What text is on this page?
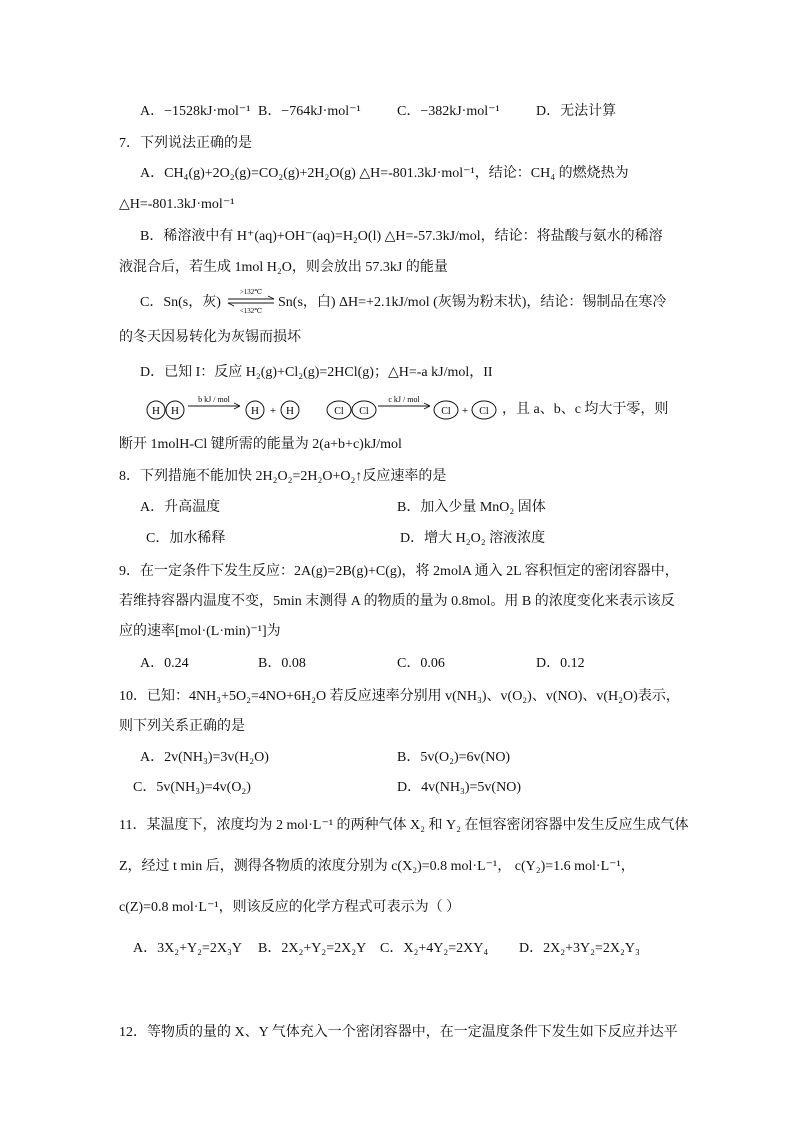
A．−1528kJ·mol⁻¹ B．−764kJ·mol⁻¹	C．−382kJ·mol⁻¹	D．无法计算
7．下列说法正确的是
A．CH₄(g)+2O₂(g)=CO₂(g)+2H₂O(g) △H=-801.3kJ·mol⁻¹，结论：CH₄ 的燃烧热为
△H=-801.3kJ·mol⁻¹
B．稀溶液中有 H⁺(aq)+OH⁻(aq)=H₂O(l) △H=-57.3kJ/mol，结论：将盐酸与氨水的稀溶
液混合后，若生成 1mol H₂O，则会放出 57.3kJ 的能量
C．Sn(s，灰)
>132℃
<132℃
Sn(s，白) ΔH=+2.1kJ/mol (灰锡为粉末状)，结论：锡制品在寒冷
的冬天因易转化为灰锡而损坏
D．已知 I：反应 H₂(g)+Cl₂(g)=2HCl(g)；△H=-a kJ/mol，II
H H
b kJ / mol
H + H	Cl Cl
c kJ / mol
Cl + Cl ，且 a、b、c 均大于零，则
断开 1molH-Cl 键所需的能量为 2(a+b+c)kJ/mol
8．下列措施不能加快 2H₂O₂=2H₂O+O₂↑反应速率的是
A．升高温度	B．加入少量 MnO₂ 固体
C．加水稀释	D．增大 H₂O₂ 溶液浓度
9．在一定条件下发生反应：2A(g)=2B(g)+C(g)，将 2molA 通入 2L 容积恒定的密闭容器中，
若维持容器内温度不变，5min 末测得 A 的物质的量为 0.8mol。用 B 的浓度变化来表示该反
应的速率[mol·(L·min)⁻¹]为
A．0.24	B．0.08	C．0.06	D．0.12
10．已知：4NH₃+5O₂=4NO+6H₂O 若反应速率分别用 v(NH₃)、v(O₂)、v(NO)、v(H₂O)表示，
则下列关系正确的是
A．2v(NH₃)=3v(H₂O)	B．5v(O₂)=6v(NO)
C．5v(NH₃)=4v(O₂)	D．4v(NH₃)=5v(NO)
11．某温度下，浓度均为 2 mol·L⁻¹ 的两种气体 X₂ 和 Y₂ 在恒容密闭容器中发生反应生成气体
Z，经过 t min 后，测得各物质的浓度分别为 c(X₂)=0.8 mol·L⁻¹， c(Y₂)=1.6 mol·L⁻¹，
c(Z)=0.8 mol·L⁻¹，则该反应的化学方程式可表示为（ ）
A．3X₂+Y₂=2X₃Y B．2X₂+Y₂=2X₂Y C．X₂+4Y₂=2XY₄ D．2X₂+3Y₂=2X₂Y₃
12．等物质的量的 X、Y 气体充入一个密闭容器中，在一定温度条件下发生如下反应并达平
